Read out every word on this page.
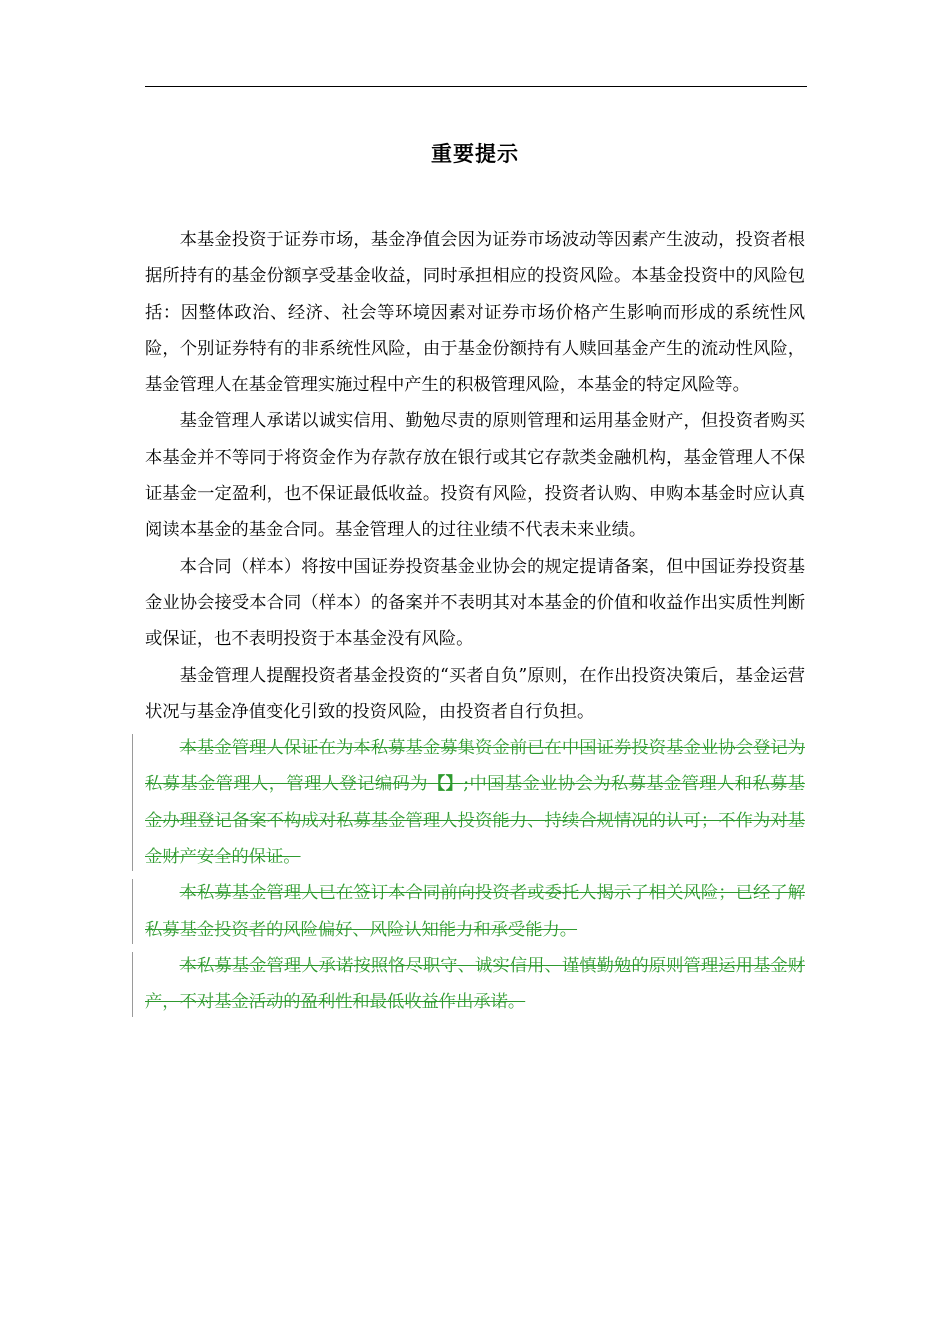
重要提示

本基金投资于证券市场，基金净值会因为证券市场波动等因素产生波动，投资者根据所持有的基金份额享受基金收益，同时承担相应的投资风险。本基金投资中的风险包括：因整体政治、经济、社会等环境因素对证券市场价格产生影响而形成的系统性风险，个别证券特有的非系统性风险，由于基金份额持有人赎回基金产生的流动性风险，基金管理人在基金管理实施过程中产生的积极管理风险，本基金的特定风险等。

基金管理人承诺以诚实信用、勤勉尽责的原则管理和运用基金财产，但投资者购买本基金并不等同于将资金作为存款存放在银行或其它存款类金融机构，基金管理人不保证基金一定盈利，也不保证最低收益。投资有风险，投资者认购、申购本基金时应认真阅读本基金的基金合同。基金管理人的过往业绩不代表未来业绩。

本合同（样本）将按中国证券投资基金业协会的规定提请备案，但中国证券投资基金业协会接受本合同（样本）的备案并不表明其对本基金的价值和收益作出实质性判断或保证，也不表明投资于本基金没有风险。

基金管理人提醒投资者基金投资的“买者自负”原则，在作出投资决策后，基金运营状况与基金净值变化引致的投资风险，由投资者自行负担。

本基金管理人保证在为本私募基金募集资金前已在中国证券投资基金业协会登记为私募基金管理人，管理人登记编码为【】;中国基金业协会为私募基金管理人和私募基金办理登记备案不构成对私募基金管理人投资能力、持续合规情况的认可；不作为对基金财产安全的保证。

本私募基金管理人已在签订本合同前向投资者或委托人揭示了相关风险；已经了解私募基金投资者的风险偏好、风险认知能力和承受能力。

本私募基金管理人承诺按照恪尽职守、诚实信用、谨慎勤勉的原则管理运用基金财产，不对基金活动的盈利性和最低收益作出承诺。
